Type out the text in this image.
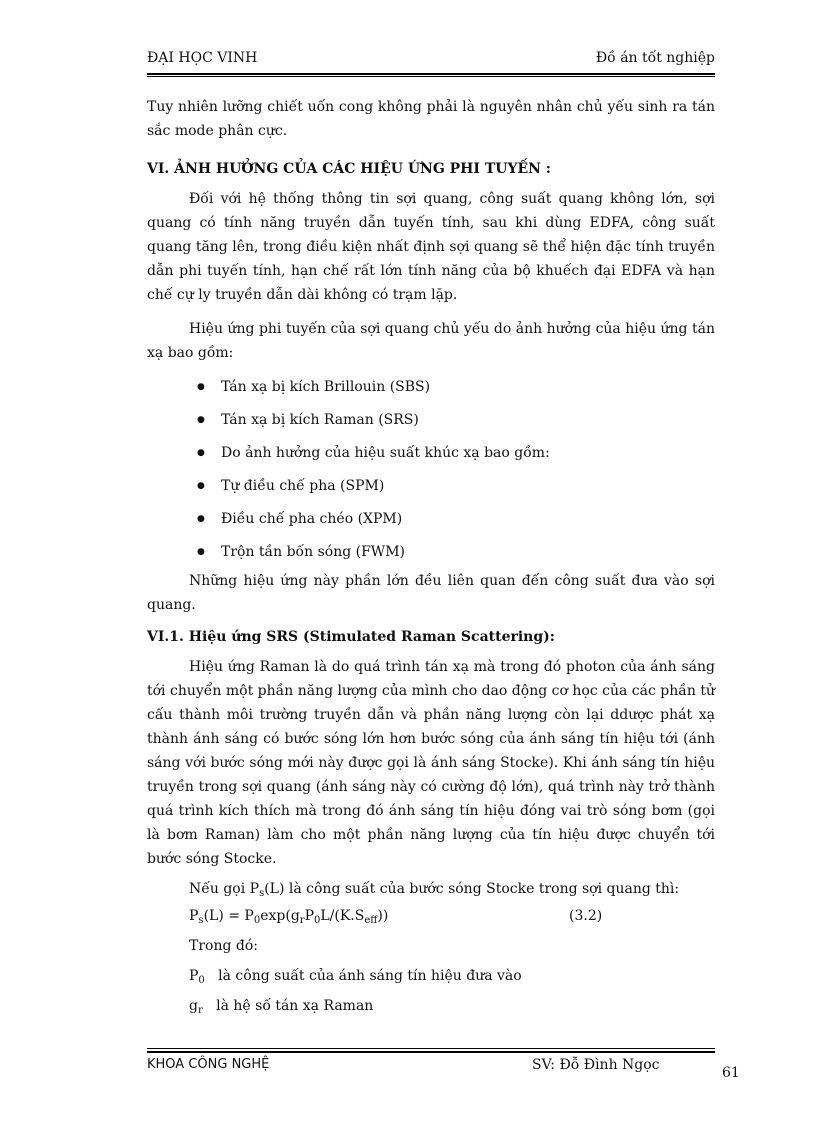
ĐẠI HỌC VINH	Đồ án tốt nghiệp

Tuy nhiên lưỡng chiết uốn cong không phải là nguyên nhân chủ yếu sinh ra tán sắc mode phân cực.

VI. ẢNH HƯỞNG CỦA CÁC HIỆU ỨNG PHI TUYẾN :

Đối với hệ thống thông tin sợi quang, công suất quang không lớn, sợi quang có tính năng truyền dẫn tuyến tính, sau khi dùng EDFA, công suất quang tăng lên, trong điều kiện nhất định sợi quang sẽ thể hiện đặc tính truyền dẫn phi tuyến tính, hạn chế rất lớn tính năng của bộ khuếch đại EDFA và hạn chế cự ly truyền dẫn dài không có trạm lặp.

Hiệu ứng phi tuyến của sợi quang chủ yếu do ảnh hưởng của hiệu ứng tán xạ bao gồm:

● Tán xạ bị kích Brillouin (SBS)
● Tán xạ bị kích Raman (SRS)
● Do ảnh hưởng của hiệu suất khúc xạ bao gồm:
● Tự điều chế pha (SPM)
● Điều chế pha chéo (XPM)
● Trộn tần bốn sóng (FWM)

Những hiệu ứng này phần lớn đều liên quan đến công suất đưa vào sợi quang.

VI.1. Hiệu ứng SRS (Stimulated Raman Scattering):

Hiệu ứng Raman là do quá trình tán xạ mà trong đó photon của ánh sáng tới chuyển một phần năng lượng của mình cho dao động cơ học của các phần tử cấu thành môi trường truyền dẫn và phần năng lượng còn lại ddược phát xạ thành ánh sáng có bước sóng lớn hơn bước sóng của ánh sáng tín hiệu tới (ánh sáng với bước sóng mới này được gọi là ánh sáng Stocke). Khi ánh sáng tín hiệu truyền trong sợi quang (ánh sáng này có cường độ lớn), quá trình này trở thành quá trình kích thích mà trong đó ánh sáng tín hiệu đóng vai trò sóng bơm (gọi là bơm Raman) làm cho một phần năng lượng của tín hiệu được chuyển tới bước sóng Stocke.

Nếu gọi $P_s(L)$ là công suất của bước sóng Stocke trong sợi quang thì:

$P_s(L) = P_0\exp(g_rP_0L/(K.S_{eff}))$	(3.2)
Trong đó:
$P_0$ là công suất của ánh sáng tín hiệu đưa vào
$g_r$ là hệ số tán xạ Raman
KHOA CÔNG NGHỆ	SV: Đỗ Đình Ngọc	61
